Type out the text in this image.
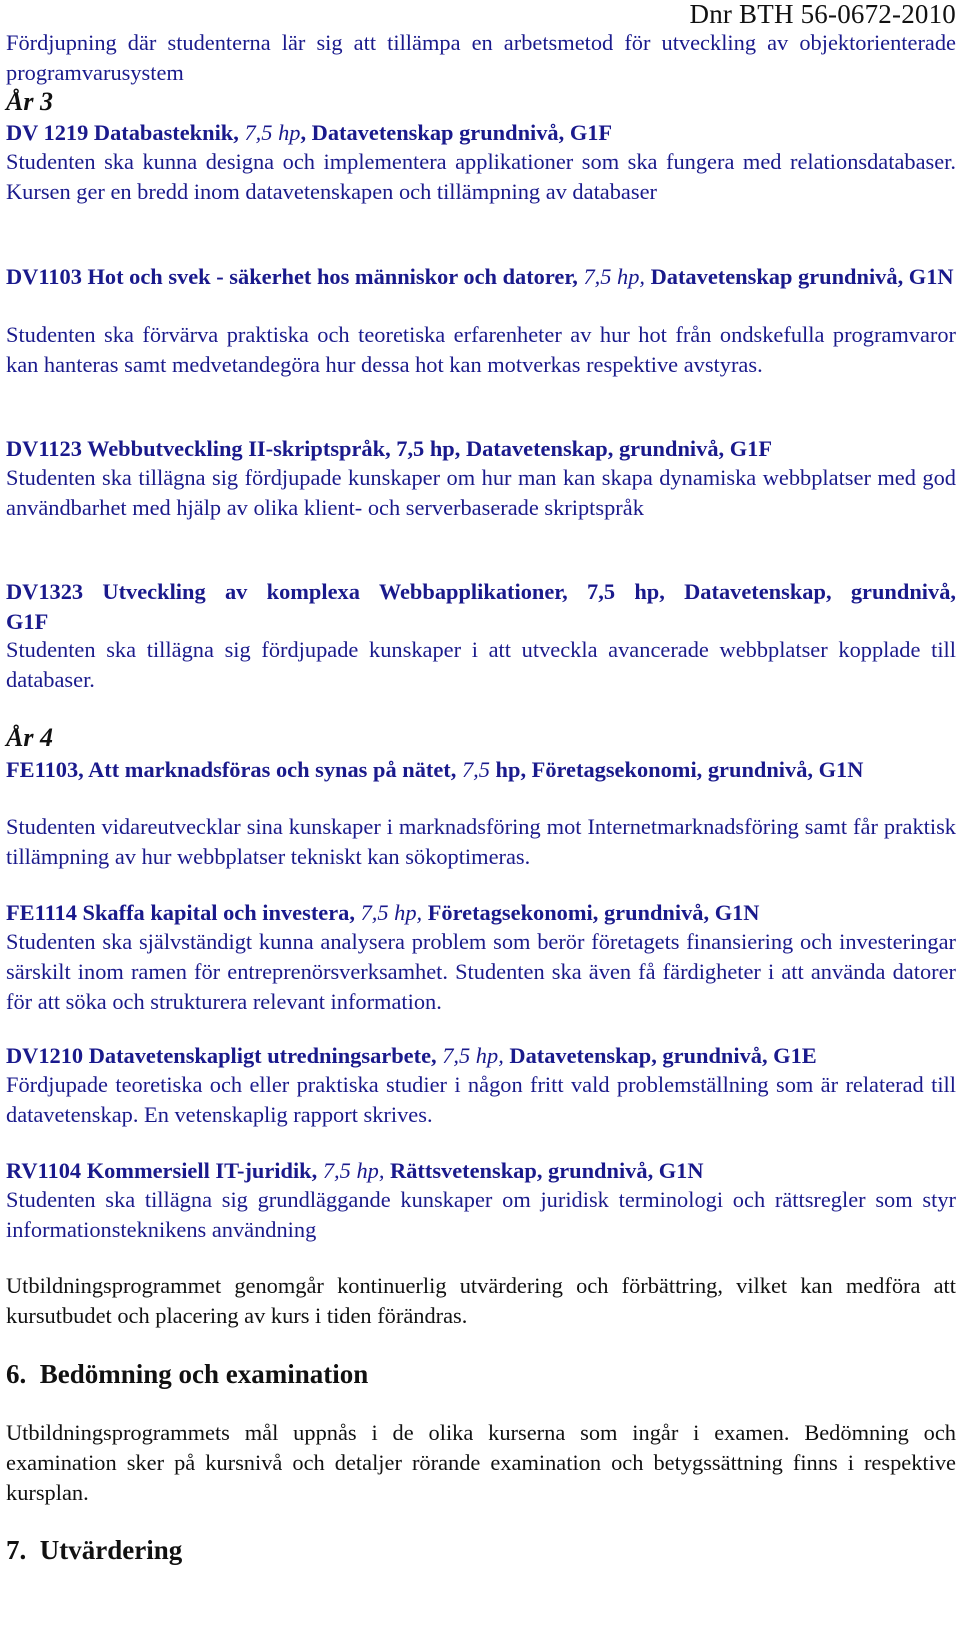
Dnr BTH 56-0672-2010
Fördjupning där studenterna lär sig att tillämpa en arbetsmetod för utveckling av objektorienterade programvarusystem
År 3
DV 1219 Databasteknik, 7,5 hp, Datavetenskap grundnivå, G1F
Studenten ska kunna designa och implementera applikationer som ska fungera med relationsdatabaser. Kursen ger en bredd inom datavetenskapen och tillämpning av databaser
DV1103 Hot och svek - säkerhet hos människor och datorer, 7,5 hp, Datavetenskap grundnivå, G1N
Studenten ska förvärva praktiska och teoretiska erfarenheter av hur hot från ondskefulla programvaror kan hanteras samt medvetandegöra hur dessa hot kan motverkas respektive avstyras.
DV1123 Webbutveckling II-skriptspråk, 7,5 hp, Datavetenskap, grundnivå, G1F
Studenten ska tillägna sig fördjupade kunskaper om hur man kan skapa dynamiska webbplatser med god användbarhet med hjälp av olika klient- och serverbaserade skriptspråk
DV1323 Utveckling av komplexa Webbapplikationer, 7,5 hp, Datavetenskap, grundnivå, G1F
Studenten ska tillägna sig fördjupade kunskaper i att utveckla avancerade webbplatser kopplade till databaser.
År 4
FE1103, Att marknadsföras och synas på nätet, 7,5 hp, Företagsekonomi, grundnivå, G1N
Studenten vidareutvecklar sina kunskaper i marknadsföring mot Internetmarknadsföring samt får praktisk tillämpning av hur webbplatser tekniskt kan sökoptimeras.
FE1114 Skaffa kapital och investera, 7,5 hp, Företagsekonomi, grundnivå, G1N
Studenten ska självständigt kunna analysera problem som berör företagets finansiering och investeringar särskilt inom ramen för entreprenörsverksamhet. Studenten ska även få färdigheter i att använda datorer för att söka och strukturera relevant information.
DV1210 Datavetenskapligt utredningsarbete, 7,5 hp, Datavetenskap, grundnivå, G1E
Fördjupade teoretiska och eller praktiska studier i någon fritt vald problemställning som är relaterad till datavetenskap. En vetenskaplig rapport skrives.
RV1104 Kommersiell IT-juridik, 7,5 hp, Rättsvetenskap, grundnivå, G1N
Studenten ska tillägna sig grundläggande kunskaper om juridisk terminologi och rättsregler som styr informationsteknikens användning
Utbildningsprogrammet genomgår kontinuerlig utvärdering och förbättring, vilket kan medföra att kursutbudet och placering av kurs i tiden förändras.
6. Bedömning och examination
Utbildningsprogrammets mål uppnås i de olika kurserna som ingår i examen. Bedömning och examination sker på kursnivå och detaljer rörande examination och betygssättning finns i respektive kursplan.
7. Utvärdering
